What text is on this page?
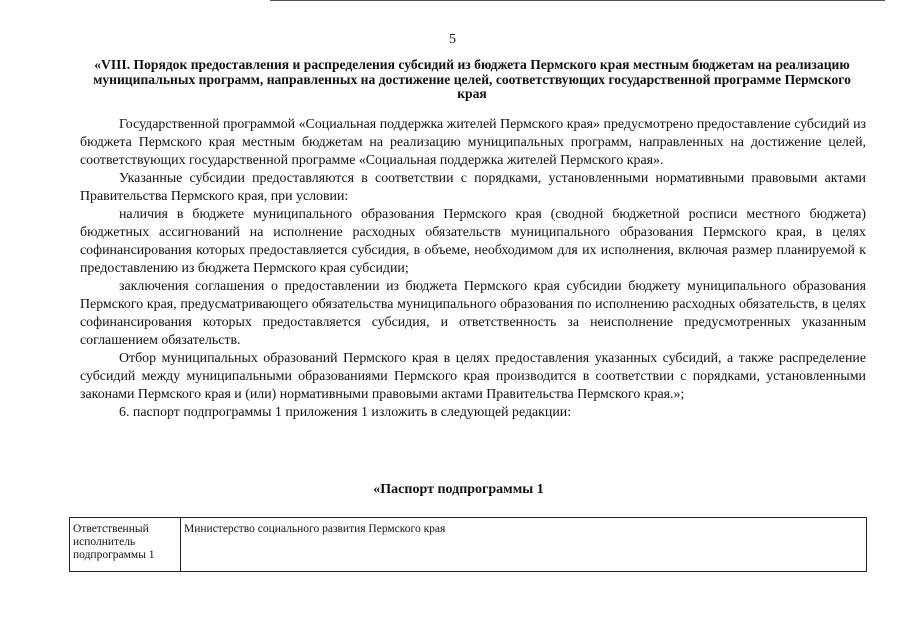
5
«VIII. Порядок предоставления и распределения субсидий из бюджета Пермского края местным бюджетам на реализацию муниципальных программ, направленных на достижение целей, соответствующих государственной программе Пермского края

Государственной программой «Социальная поддержка жителей Пермского края» предусмотрено предоставление субсидий из бюджета Пермского края местным бюджетам на реализацию муниципальных программ, направленных на достижение целей, соответствующих государственной программе «Социальная поддержка жителей Пермского края».

Указанные субсидии предоставляются в соответствии с порядками, установленными нормативными правовыми актами Правительства Пермского края, при условии:

наличия в бюджете муниципального образования Пермского края (сводной бюджетной росписи местного бюджета) бюджетных ассигнований на исполнение расходных обязательств муниципального образования Пермского края, в целях софинансирования которых предоставляется субсидия, в объеме, необходимом для их исполнения, включая размер планируемой к предоставлению из бюджета Пермского края субсидии;

заключения соглашения о предоставлении из бюджета Пермского края субсидии бюджету муниципального образования Пермского края, предусматривающего обязательства муниципального образования по исполнению расходных обязательств, в целях софинансирования которых предоставляется субсидия, и ответственность за неисполнение предусмотренных указанным соглашением обязательств.

Отбор муниципальных образований Пермского края в целях предоставления указанных субсидий, а также распределение субсидий между муниципальными образованиями Пермского края производится в соответствии с порядками, установленными законами Пермского края и (или) нормативными правовыми актами Правительства Пермского края.»;

6. паспорт подпрограммы 1 приложения 1 изложить в следующей редакции:

«Паспорт подпрограммы 1
Ответственный исполнитель подпрограммы 1	Министерство социального развития Пермского края
